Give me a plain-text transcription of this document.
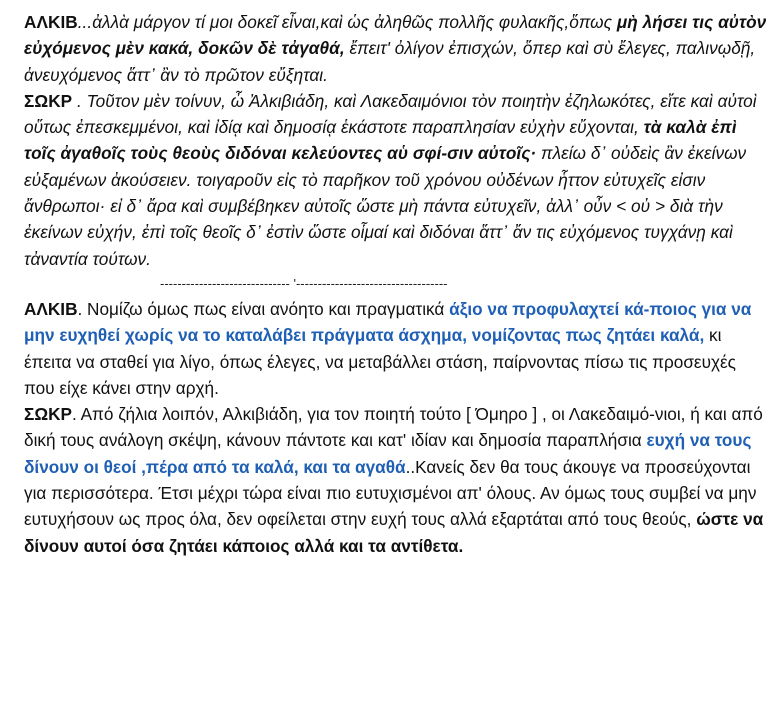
ΑΛΚΙΒ...ἀλλὰ μάργον τί μοι δοκεῖ εἶναι,καὶ ὡς ἀληθῶς πολλῆς φυλακῆς,ὅπως μὴ λήσει τις αὐτὸν εὐχόμενος μὲν κακά, δοκῶν δὲ τἀγαθά, ἔπειτ' ὀλίγον ἐπισχών, ὅπερ καὶ σὺ ἔλεγες, παλινῳδῇ, ἀνευχόμενος ἅττ᾽ ἂν τὸ πρῶτον εὔξηται.

ΣΩΚΡ . Τοῦτον μὲν τοίνυν, ὦ Ἀλκιβιάδη, καὶ Λακεδαιμόνιοι τὸν ποιητὴν ἐζηλωκότες, εἴτε καὶ αὐτοὶ οὕτως ἐπεσκεμμένοι, καὶ ἰδίᾳ καὶ δημοσίᾳ ἑκάστοτε παραπλησίαν εὐχὴν εὔχονται, τὰ καλὰ ἐπὶ τοῖς ἀγαθοῖς τοὺς θεοὺς διδόναι κελεύοντες αὑ σφί-σιν αὐτοῖς· πλείω δ᾽ οὐδεὶς ἂν ἐκείνων εὐξαμένων ἀκούσειεν. τοιγαροῦν εἰς τὸ παρῆκον τοῦ χρόνου οὐδένων ἧττον εὐτυχεῖς εἰσιν ἄνθρωποι· εἰ δ᾽ ἄρα καὶ συμβέβηκεν αὐτοῖς ὥστε μὴ πάντα εὐτυχεῖν, ἀλλ᾽ οὖν < οὐ > διὰ τὴν ἐκείνων εὐχήν, ἐπὶ τοῖς θεοῖς δ᾽ ἐστὶν ὥστε οἷμαί καὶ διδόναι ἅττ᾽ ἄν τις εὐχόμενος τυγχάνῃ καὶ τἀναντία τούτων.

------------------------------ '-----------------------------------

ΑΛΚΙΒ. Νομίζω όμως πως είναι ανόητο και πραγματικά άξιο να προφυλαχτεί κά-ποιος για να μην ευχηθεί χωρίς να το καταλάβει πράγματα άσχημα, νομίζοντας πως ζητάει καλά, κι έπειτα να σταθεί για λίγο, όπως έλεγες, να μεταβάλλει στάση, παίρνοντας πίσω τις προσευχές που είχε κάνει στην αρχή.

ΣΩΚΡ. Από ζήλια λοιπόν, Αλκιβιάδη, για τον ποιητή τούτο [ Όμηρο ] , οι Λακεδαιμό-νιοι, ή και από δική τους ανάλογη σκέψη, κάνουν πάντοτε και κατ' ιδίαν και δημοσία παραπλήσια ευχή να τους δίνουν οι θεοί ,πέρα από τα καλά, και τα αγαθά..Κανείς δεν θα τους άκουγε να προσεύχονται για περισσότερα. Έτσι μέχρι τώρα είναι πιο ευτυχισμένοι απ' όλους. Αν όμως τους συμβεί να μην ευτυχήσουν ως προς όλα, δεν οφείλεται στην ευχή τους αλλά εξαρτάται από τους θεούς, ώστε να δίνουν αυτοί όσα ζητάει κάποιος αλλά και τα αντίθετα.
